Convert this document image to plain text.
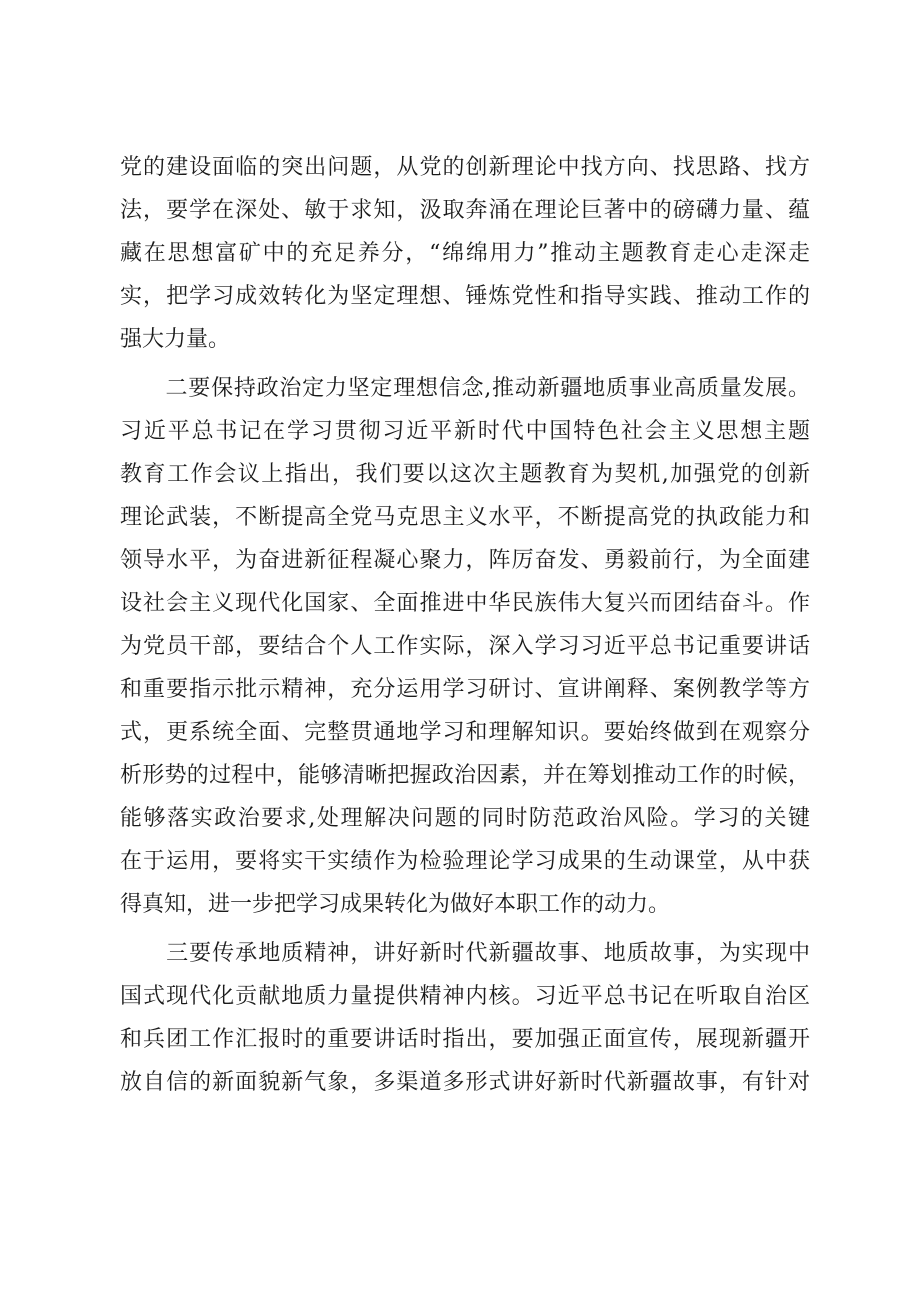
党的建设面临的突出问题，从党的创新理论中找方向、找思路、找方
法，要学在深处、敏于求知，汲取奔涌在理论巨著中的磅礴力量、蕴
藏在思想富矿中的充足养分，“绵绵用力”推动主题教育走心走深走
实，把学习成效转化为坚定理想、锤炼党性和指导实践、推动工作的
强大力量。
　　二要保持政治定力坚定理想信念,推动新疆地质事业高质量发展。
习近平总书记在学习贯彻习近平新时代中国特色社会主义思想主题
教育工作会议上指出，我们要以这次主题教育为契机,加强党的创新
理论武装，不断提高全党马克思主义水平，不断提高党的执政能力和
领导水平，为奋进新征程凝心聚力，阵厉奋发、勇毅前行，为全面建
设社会主义现代化国家、全面推进中华民族伟大复兴而团结奋斗。作
为党员干部，要结合个人工作实际，深入学习习近平总书记重要讲话
和重要指示批示精神，充分运用学习研讨、宣讲阐释、案例教学等方
式，更系统全面、完整贯通地学习和理解知识。要始终做到在观察分
析形势的过程中，能够清晰把握政治因素，并在筹划推动工作的时候，
能够落实政治要求,处理解决问题的同时防范政治风险。学习的关键
在于运用，要将实干实绩作为检验理论学习成果的生动课堂，从中获
得真知，进一步把学习成果转化为做好本职工作的动力。
　　三要传承地质精神，讲好新时代新疆故事、地质故事，为实现中
国式现代化贡献地质力量提供精神内核。习近平总书记在听取自治区
和兵团工作汇报时的重要讲话时指出，要加强正面宣传，展现新疆开
放自信的新面貌新气象，多渠道多形式讲好新时代新疆故事，有针对
